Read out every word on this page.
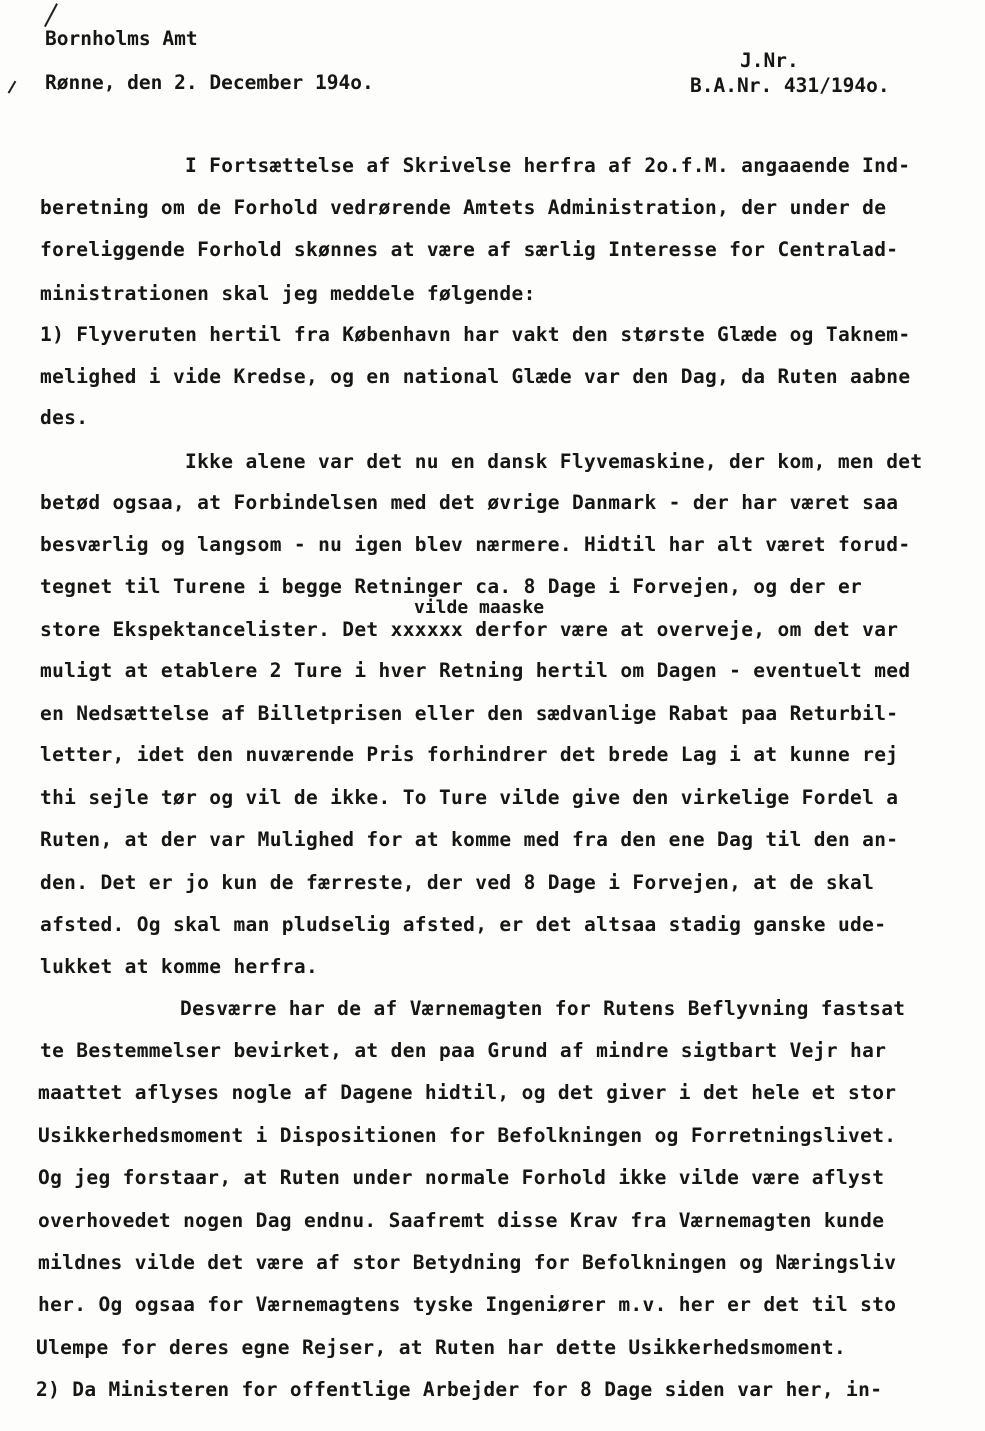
Bornholms Amt
Rønne, den 2. December 194o.
J.Nr.
B.A.Nr. 431/194o.
I Fortsættelse af Skrivelse herfra af 2o.f.M. angaaende Ind-
beretning om de Forhold vedrørende Amtets Administration, der under de
foreliggende Forhold skønnes at være af særlig Interesse for Centralad-
ministrationen skal jeg meddele følgende:
1) Flyveruten hertil fra København har vakt den største Glæde og Taknem-
melighed i vide Kredse, og en national Glæde var den Dag, da Ruten aabne
des.
Ikke alene var det nu en dansk Flyvemaskine, der kom, men det
betød ogsaa, at Forbindelsen med det øvrige Danmark - der har været saa
besværlig og langsom - nu igen blev nærmere. Hidtil har alt været forud-
tegnet til Turene i begge Retninger ca. 8 Dage i Forvejen, og der er
vilde maaske
store Ekspektancelister. Det xxxxxx derfor være at overveje, om det var
muligt at etablere 2 Ture i hver Retning hertil om Dagen - eventuelt med
en Nedsættelse af Billetprisen eller den sædvanlige Rabat paa Returbil-
letter, idet den nuværende Pris forhindrer det brede Lag i at kunne rej
thi sejle tør og vil de ikke. To Ture vilde give den virkelige Fordel a
Ruten, at der var Mulighed for at komme med fra den ene Dag til den an-
den. Det er jo kun de færreste, der ved 8 Dage i Forvejen, at de skal
afsted. Og skal man pludselig afsted, er det altsaa stadig ganske ude-
lukket at komme herfra.
Desværre har de af Værnemagten for Rutens Beflyvning fastsat
te Bestemmelser bevirket, at den paa Grund af mindre sigtbart Vejr har
maattet aflyses nogle af Dagene hidtil, og det giver i det hele et stor
Usikkerhedsmoment i Dispositionen for Befolkningen og Forretningslivet.
Og jeg forstaar, at Ruten under normale Forhold ikke vilde være aflyst
overhovedet nogen Dag endnu. Saafremt disse Krav fra Værnemagten kunde
mildnes vilde det være af stor Betydning for Befolkningen og Næringsliv
her. Og ogsaa for Værnemagtens tyske Ingeniører m.v. her er det til sto
Ulempe for deres egne Rejser, at Ruten har dette Usikkerhedsmoment.
2) Da Ministeren for offentlige Arbejder for 8 Dage siden var her, in-
